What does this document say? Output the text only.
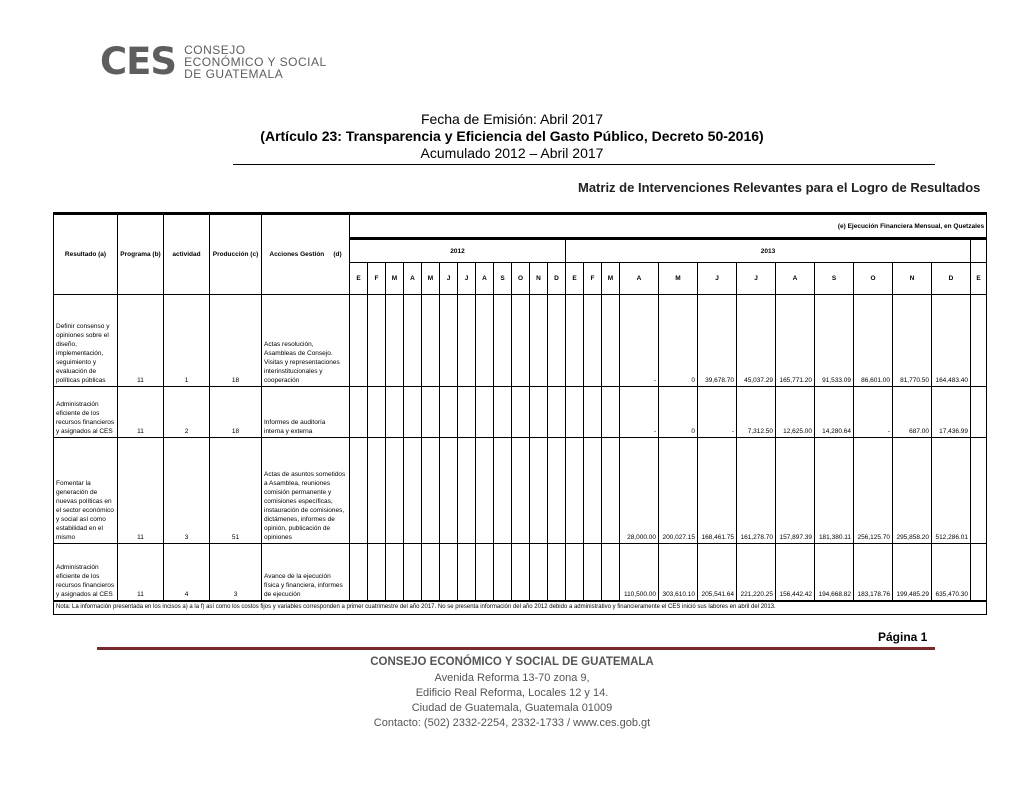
CES CONSEJO
ECONÓMICO Y SOCIAL
DE GUATEMALA
Fecha de Emisión: Abril 2017
(Artículo 23: Transparencia y Eficiencia del Gasto Público, Decreto 50-2016)
Acumulado 2012 – Abril 2017
Matriz de Intervenciones Relevantes para el Logro de Resultados
Resultado (a)	Programa (b)	actividad	Producción (c)	Acciones Gestión (d)	(e) Ejecución Financiera Mensual, en Quetzales																								
					2012												2013												
					E	F	M	A	M	J	J	A	S	O	N	D	E	F	M	A	M	J	J	A	S	O	N	D	E
Definir consenso y opiniones sobre el diseño, implementación, seguimiento y evaluación de políticas públicas	11	1	18	Actas resolución, Asambleas de Consejo. Visitas y representaciones interinstitucionales y cooperación																-	0	39,678.70	45,037.29	165,771.20	91,533.09	86,601.00	81,770.50	164,483.40	
Administración eficiente de los recursos financieros y asignados al CES	11	2	18	Informes de auditoría interna y externa																-	0	-	7,312.50	12,625.00	14,280.64	-	687.00	17,436.99	
Fomentar la generación de nuevas políticas en el sector económico y social así como estabilidad en el mismo	11	3	51	Actas de asuntos sometidos a Asamblea, reuniones comisión permanente y comisiones específicas, instauración de comisiones, dictámenes, informes de opinión, publicación de opiniones																28,000.00	200,027.15	168,461.75	161,278.70	157,897.39	181,380.11	256,125.70	295,858.20	512,286.01	
Administración eficiente de los recursos financieros y asignados al CES	11	4	3	Avance de la ejecución física y financiera, informes de ejecución																110,500.00	303,610.10	205,541.64	221,220.25	156,442.42	194,668.82	183,178.76	199,485.29	635,470.30	
Nota: La información presentada en los incisos a) a la f) así como los costos fijos y variables corresponden a primer cuatrimestre del año 2017. No se presenta información del año 2012 debido a administrativo y financieramente el CES inició sus labores en abril del 2013.																													
Página 1
CONSEJO ECONÓMICO Y SOCIAL DE GUATEMALA
Avenida Reforma 13-70 zona 9,
Edificio Real Reforma, Locales 12 y 14.
Ciudad de Guatemala, Guatemala 01009
Contacto: (502) 2332-2254, 2332-1733 / www.ces.gob.gt
